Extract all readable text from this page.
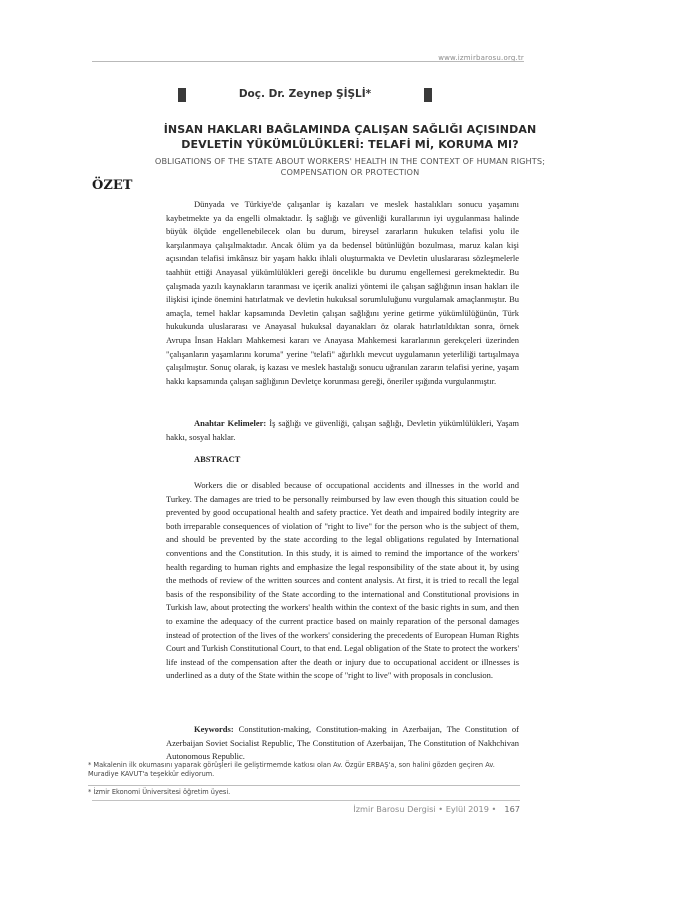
www.izmirbarosu.org.tr
Doç. Dr. Zeynep ŞİŞLİ*
İNSAN HAKLARI BAĞLAMINDA ÇALIŞAN SAĞLIĞI AÇISINDAN
DEVLETİN YÜKÜMLÜLÜKLERİ: TELAFİ Mİ, KORUMA MI?
OBLIGATIONS OF THE STATE ABOUT WORKERS' HEALTH IN THE CONTEXT OF HUMAN RIGHTS;
COMPENSATION OR PROTECTION
ÖZET

Dünyada ve Türkiye'de çalışanlar iş kazaları ve meslek hastalıkları sonucu yaşamını kaybetmekte ya da engelli olmaktadır. İş sağlığı ve güvenliği kurallarının iyi uygulanması halinde büyük ölçüde engellenebilecek olan bu durum, bireysel zararların hukuken telafisi yolu ile karşılanmaya çalışılmaktadır. Ancak ölüm ya da bedensel bütünlüğün bozulması, maruz kalan kişi açısından telafisi imkânsız bir yaşam hakkı ihlali oluşturmakta ve Devletin uluslararası sözleşmelerle taahhüt ettiği Anayasal yükümlülükleri gereği öncelikle bu durumu engellemesi gerekmektedir. Bu çalışmada yazılı kaynakların taranması ve içerik analizi yöntemi ile çalışan sağlığının insan hakları ile ilişkisi içinde önemini hatırlatmak ve devletin hukuksal sorumluluğunu vurgulamak amaçlanmıştır. Bu amaçla, temel haklar kapsamında Devletin çalışan sağlığını yerine getirme yükümlülüğünün, Türk hukukunda uluslararası ve Anayasal hukuksal dayanakları öz olarak hatırlatıldıktan sonra, örnek Avrupa İnsan Hakları Mahkemesi kararı ve Anayasa Mahkemesi kararlarının gerekçeleri üzerinden "çalışanların yaşamlarını koruma" yerine "telafi" ağırlıklı mevcut uygulamanın yeterliliği tartışılmaya çalışılmıştır. Sonuç olarak, iş kazası ve meslek hastalığı sonucu uğranılan zararın telafisi yerine, yaşam hakkı kapsamında çalışan sağlığının Devletçe korunması gereği, öneriler ışığında vurgulanmıştır.

Anahtar Kelimeler: İş sağlığı ve güvenliği, çalışan sağlığı, Devletin yükümlülükleri, Yaşam hakkı, sosyal haklar.

ABSTRACT

Workers die or disabled because of occupational accidents and illnesses in the world and Turkey. The damages are tried to be personally reimbursed by law even though this situation could be prevented by good occupational health and safety practice. Yet death and impaired bodily integrity are both irreparable consequences of violation of "right to live" for the person who is the subject of them, and should be prevented by the state according to the legal obligations regulated by International conventions and the Constitution. In this study, it is aimed to remind the importance of the workers' health regarding to human rights and emphasize the legal responsibility of the state about it, by using the methods of review of the written sources and content analysis. At first, it is tried to recall the legal basis of the responsibility of the State according to the international and Constitutional provisions in Turkish law, about protecting the workers' health within the context of the basic rights in sum, and then to examine the adequacy of the current practice based on mainly reparation of the personal damages instead of protection of the lives of the workers' considering the precedents of European Human Rights Court and Turkish Constitutional Court, to that end. Legal obligation of the State to protect the workers' life instead of the compensation after the death or injury due to occupational accident or illnesses is underlined as a duty of the State within the scope of "right to live" with proposals in conclusion.

Keywords: Constitution-making, Constitution-making in Azerbaijan, The Constitution of Azerbaijan Soviet Socialist Republic, The Constitution of Azerbaijan, The Constitution of Nakhchivan Autonomous Republic.

* Makalenin ilk okumasını yaparak görüşleri ile geliştirmemde katkısı olan Av. Özgür ERBAŞ'a, son halini gözden geçiren Av. Muradiye KAVUT'a teşekkür ediyorum.
* İzmir Ekonomi Üniversitesi öğretim üyesi.
İzmir Barosu Dergisi • Eylül 2019 • 167
